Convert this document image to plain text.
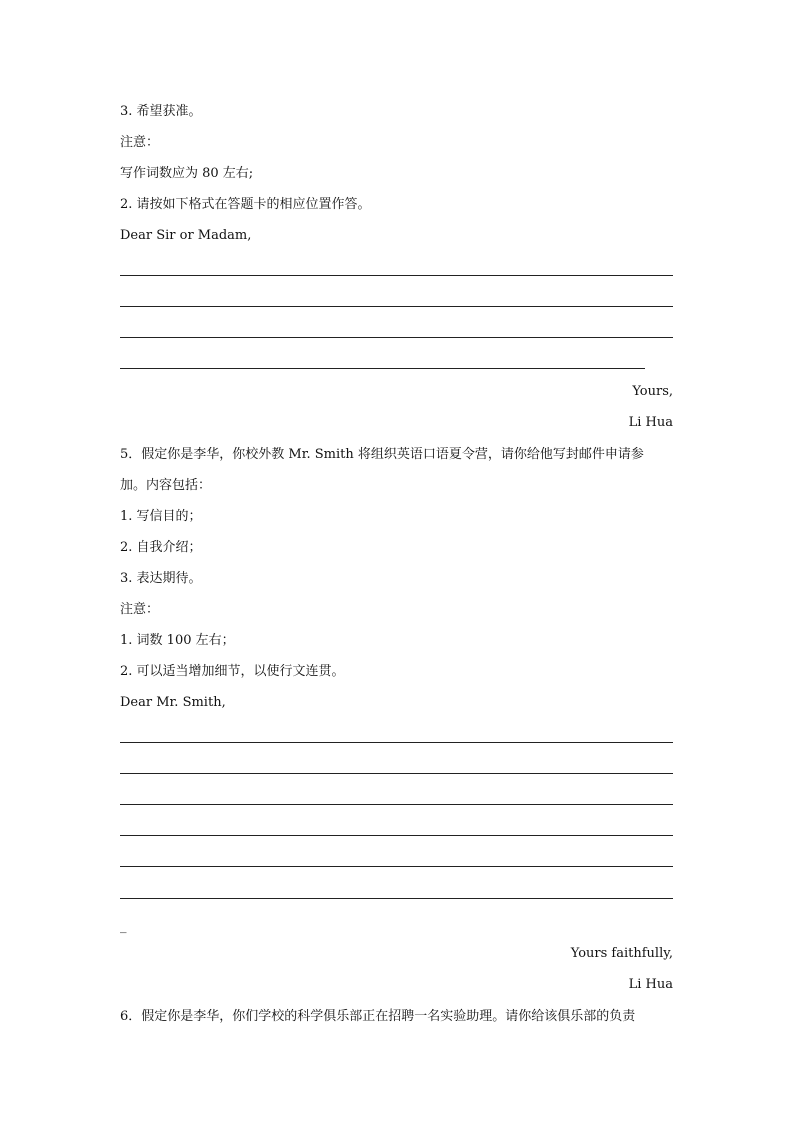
3. 希望获准。
注意：
写作词数应为 80 左右;
2. 请按如下格式在答题卡的相应位置作答。
Dear Sir or Madam,
Yours,
Li Hua
5．假定你是李华，你校外教 Mr. Smith 将组织英语口语夏令营，请你给他写封邮件申请参
加。内容包括：
1. 写信目的；
2. 自我介绍；
3. 表达期待。
注意：
1. 词数 100 左右；
2. 可以适当增加细节，以使行文连贯。
Dear Mr. Smith,
_
Yours faithfully,
Li Hua
6．假定你是李华，你们学校的科学俱乐部正在招聘一名实验助理。请你给该俱乐部的负责
